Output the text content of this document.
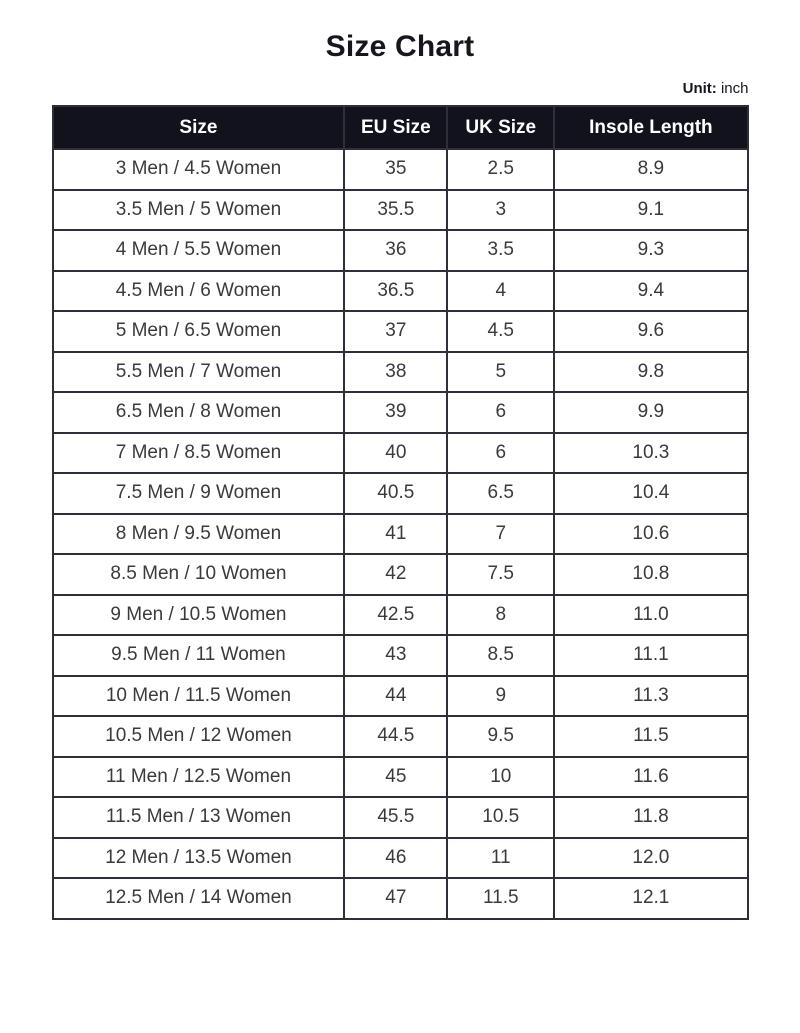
Size Chart
Unit: inch
Size	EU Size	UK Size	Insole Length
3 Men / 4.5 Women	35	2.5	8.9
3.5 Men / 5 Women	35.5	3	9.1
4 Men / 5.5 Women	36	3.5	9.3
4.5 Men / 6 Women	36.5	4	9.4
5 Men / 6.5 Women	37	4.5	9.6
5.5 Men / 7 Women	38	5	9.8
6.5 Men / 8 Women	39	6	9.9
7 Men / 8.5 Women	40	6	10.3
7.5 Men / 9 Women	40.5	6.5	10.4
8 Men / 9.5 Women	41	7	10.6
8.5 Men / 10 Women	42	7.5	10.8
9 Men / 10.5 Women	42.5	8	11.0
9.5 Men / 11 Women	43	8.5	11.1
10 Men / 11.5 Women	44	9	11.3
10.5 Men / 12 Women	44.5	9.5	11.5
11 Men / 12.5 Women	45	10	11.6
11.5 Men / 13 Women	45.5	10.5	11.8
12 Men / 13.5 Women	46	11	12.0
12.5 Men / 14 Women	47	11.5	12.1
